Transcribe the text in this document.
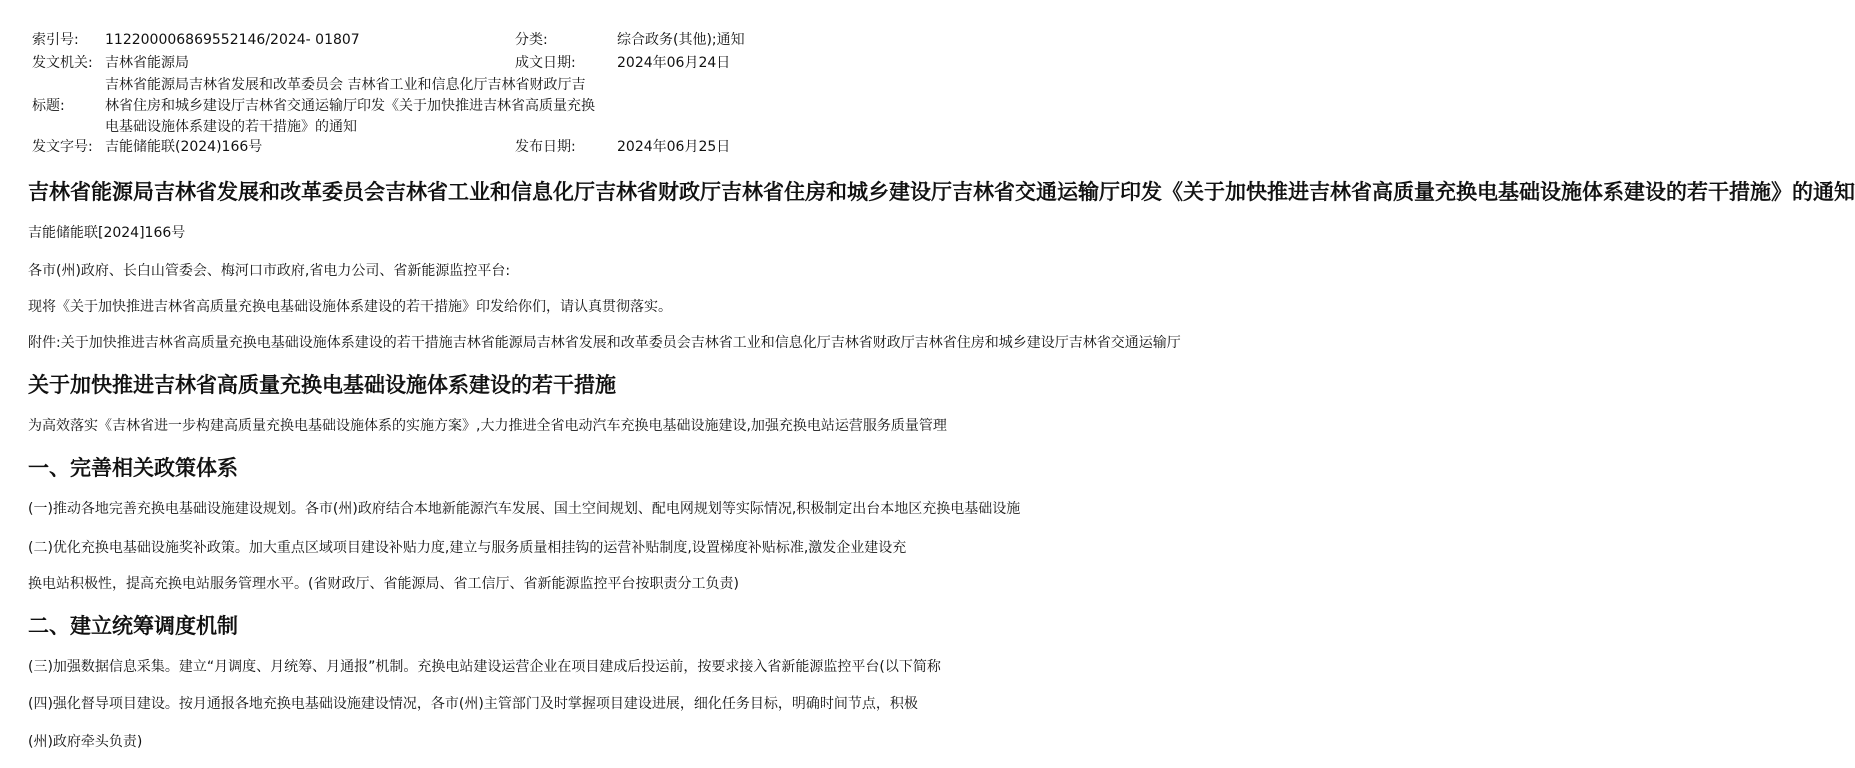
索引号: 11220000686955214​6/2024- 01807	分类:	综合政务(其他);通知
发文机关: 吉林省能源局	成文日期:	2024年06月24日
标题:
吉林省能源局吉林省发展和改革委员会 吉林省工业和信息化厅吉林省财政厅吉林省住房和城乡建设厅吉林省交通运输厅印发《关于加快推进吉林省高质量充换电基础设施体系建设的若干措施》的通知
发文字号: 吉能储能联(2024)166号	发布日期:	2024年06月25日
吉林省能源局吉林省发展和改革委员会吉林省工业和信息化厅吉林省财政厅吉林省住房和城乡建设厅吉林省交通运输厅印发《关于加快推进吉林省高质量充换电基础设施体系建设的若干措施》的通知
吉能储能联[2024]166号
各市(州)政府、长白山管委会、梅河口市政府,省电力公司、省新能源监控平台:
现将《关于加快推进吉林省高质量充换电基础设施体系建设的若干措施》印发给你们，请认真贯彻落实。
附件:关于加快推进吉林省高质量充换电基础设施体系建设的若干措施吉林省能源局吉林省发展和改革委员会吉林省工业和信息化厅吉林省财政厅吉林省住房和城乡建设厅吉林省交通运输厅
关于加快推进吉林省高质量充换电基础设施体系建设的若干措施
为高效落实《吉林省进一步构建高质量充换电基础设施体系的实施方案》,大力推进全省电动汽车充换电基础设施建设,加强充换电站运营服务质量管理
一、完善相关政策体系
(一)推动各地完善充换电基础设施建设规划。各市(州)政府结合本地新能源汽车发展、国土空间规划、配电网规划等实际情况,积极制定出台本地区充换电基础设施
(二)优化充换电基础设施奖补政策。加大重点区域项目建设补贴力度,建立与服务质量相挂钩的运营补贴制度,设置梯度补贴标准,激发企业建设充
换电站积极性，提高充换电站服务管理水平。(省财政厅、省能源局、省工信厅、省新能源监控平台按职责分工负责)
二、建立统筹调度机制
(三)加强数据信息采集。建立“月调度、月统筹、月通报”机制。充换电站建设运营企业在项目建成后投运前，按要求接入省新能源监控平台(以下简称
(四)强化督导项目建设。按月通报各地充换电基础设施建设情况，各市(州)主管部门及时掌握项目建设进展，细化任务目标，明确时间节点，积极
(州)政府牵头负责)
